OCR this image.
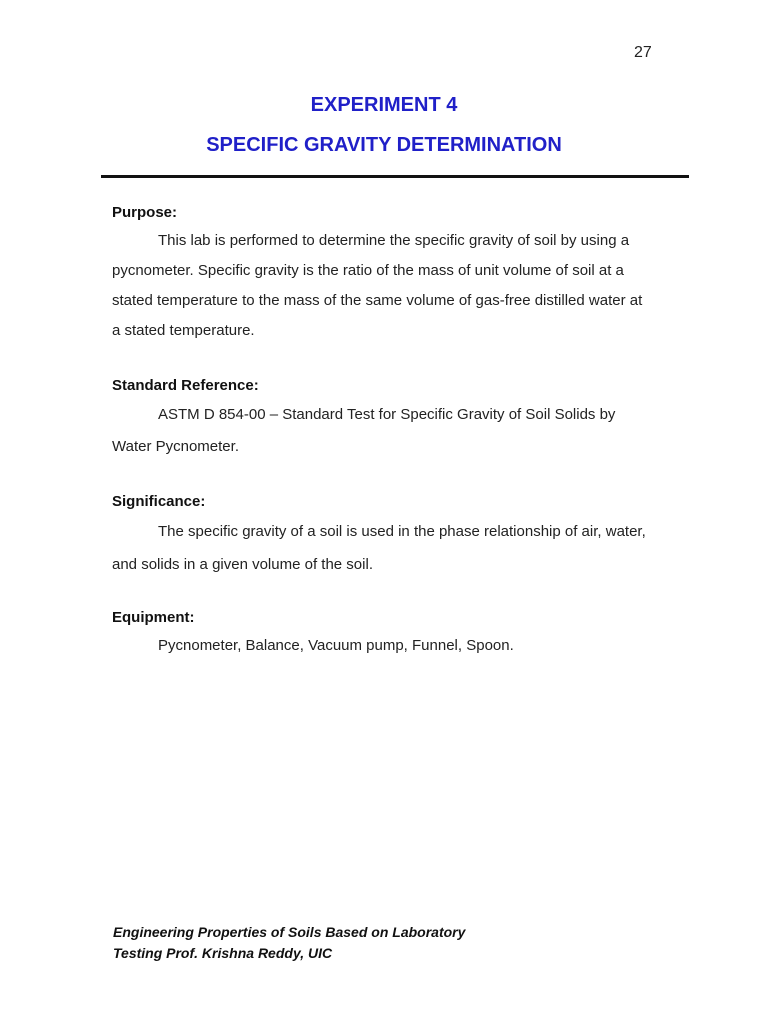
27
EXPERIMENT 4
SPECIFIC GRAVITY DETERMINATION
Purpose:

This lab is performed to determine the specific gravity of soil by using a pycnometer. Specific gravity is the ratio of the mass of unit volume of soil at a stated temperature to the mass of the same volume of gas-free distilled water at a stated temperature.

Standard Reference:

ASTM D 854-00 – Standard Test for Specific Gravity of Soil Solids by Water Pycnometer.

Significance:

The specific gravity of a soil is used in the phase relationship of air, water, and solids in a given volume of the soil.

Equipment:

Pycnometer, Balance, Vacuum pump, Funnel, Spoon.

Engineering Properties of Soils Based on Laboratory
Testing Prof. Krishna Reddy, UIC
